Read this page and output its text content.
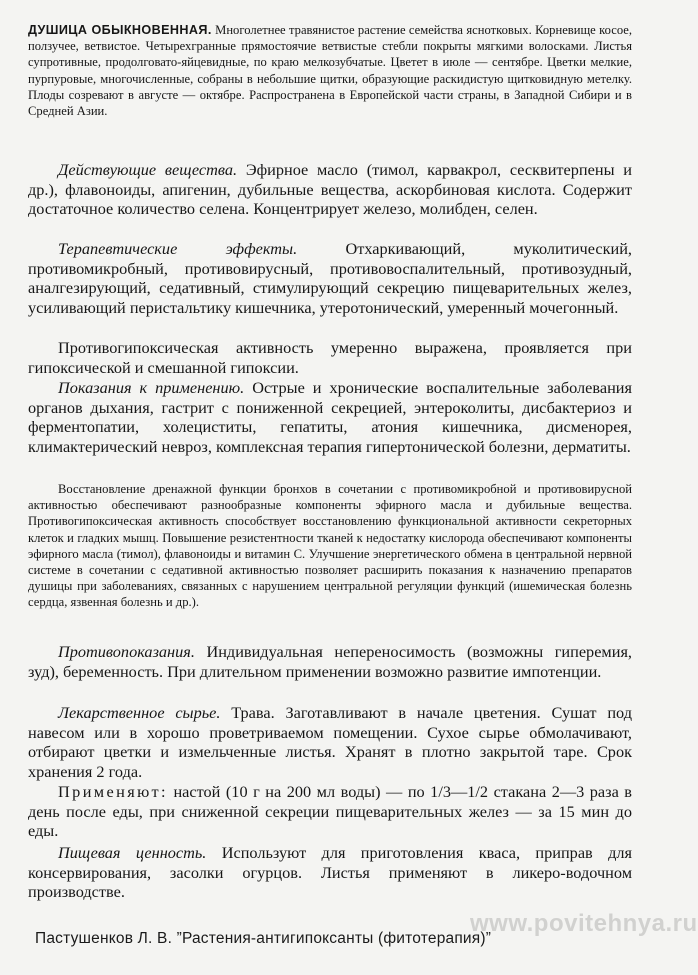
ДУШИЦА ОБЫКНОВЕННАЯ. Многолетнее травянистое растение семейства яснотковых. Корневище косое, ползучее, ветвистое. Четырехгранные прямостоячие ветвистые стебли покрыты мягкими волосками. Листья супротивные, продолговато-яйцевидные, по краю мелкозубчатые. Цветет в июле — сентябре. Цветки мелкие, пурпуровые, многочисленные, собраны в небольшие щитки, образующие раскидистую щитковидную метелку. Плоды созревают в августе — октябре. Распространена в Европейской части страны, в Западной Сибири и в Средней Азии.

Действующие вещества. Эфирное масло (тимол, карвакрол, сесквитерпены и др.), флавоноиды, апигенин, дубильные вещества, аскорбиновая кислота. Содержит достаточное количество селена. Концентрирует железо, молибден, селен.

Терапевтические эффекты.	Отхаркивающий, муколитический, противомикробный, противовирусный, противовоспалительный, противозудный, аналгезирующий, седативный, стимулирующий секрецию пищеварительных желез, усиливающий перистальтику кишечника, утеротонический, умеренный мочегонный.

Противогипоксическая активность умеренно выражена, проявляется при гипоксической и смешанной гипоксии.

Показания к применению. Острые и хронические воспалительные заболевания органов дыхания, гастрит с пониженной секрецией, энтероколиты, дисбактериоз и ферментопатии, холециститы, гепатиты, атония кишечника, дисменорея, климактерический невроз, комплексная терапия гипертонической болезни, дерматиты.

Восстановление дренажной функции бронхов в сочетании с противомикробной и противовирусной активностью обеспечивают разнообразные компоненты эфирного масла и дубильные вещества. Противогипоксическая активность способствует восстановлению функциональной активности секреторных клеток и гладких мышц. Повышение резистентности тканей к недостатку кислорода обеспечивают компоненты эфирного масла (тимол), флавоноиды и витамин С. Улучшение энергетического обмена в центральной нервной системе в сочетании с седативной активностью позволяет расширить показания к назначению препаратов душицы при заболеваниях, связанных с нарушением центральной регуляции функций (ишемическая болезнь сердца, язвенная болезнь и др.).

Противопоказания. Индивидуальная непереносимость (возможны гиперемия, зуд), беременность. При длительном применении возможно развитие импотенции.

Лекарственное сырье. Трава. Заготавливают в начале цветения. Сушат под навесом или в хорошо проветриваемом помещении. Сухое сырье обмолачивают, отбирают цветки и измельченные листья. Хранят в плотно закрытой таре. Срок хранения 2 года.

Применяют: настой (10 г на 200 мл воды) — по 1/3—1/2 стакана 2—3 раза в день после еды, при сниженной секреции пищеварительных желез — за 15 мин до еды.

Пищевая ценность. Используют для приготовления кваса, приправ для консервирования, засолки огурцов. Листья применяют в ликеро-водочном производстве.

www.povitehnya.ru
Пастушенков Л. В. ”Растения-антигипоксанты (фитотерапия)”
